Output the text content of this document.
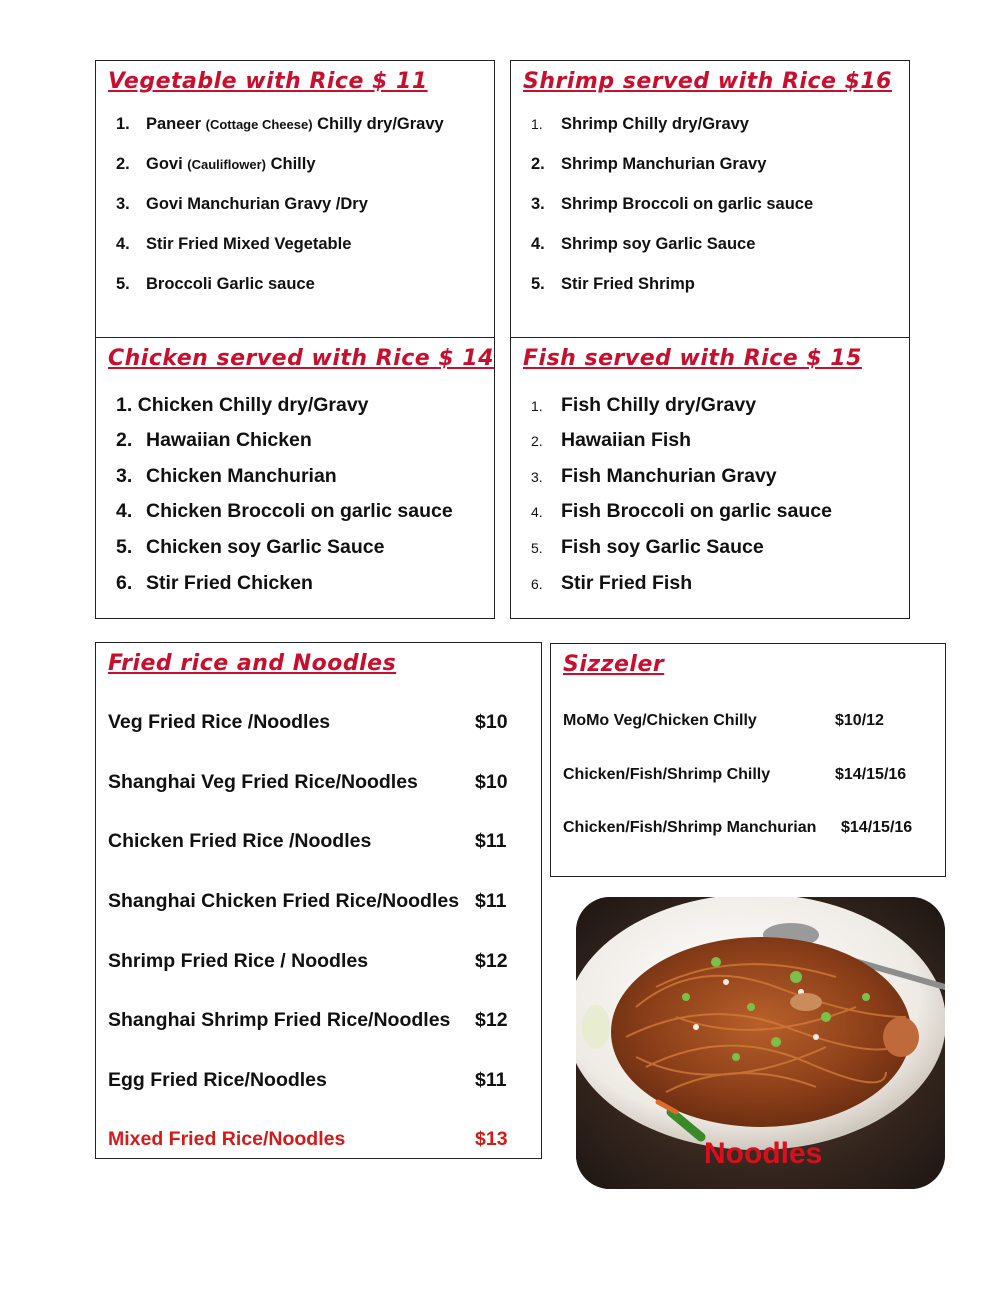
Vegetable with Rice $ 11
1. Paneer (Cottage Cheese) Chilly dry/Gravy
2. Govi (Cauliflower) Chilly
3. Govi Manchurian Gravy /Dry
4. Stir Fried Mixed Vegetable
5. Broccoli Garlic sauce
Shrimp served with Rice $16
1. Shrimp Chilly dry/Gravy
2. Shrimp Manchurian Gravy
3. Shrimp Broccoli on garlic sauce
4. Shrimp soy Garlic Sauce
5. Stir Fried Shrimp
Chicken served with Rice $ 14
1. Chicken Chilly dry/Gravy
2. Hawaiian Chicken
3. Chicken Manchurian
4. Chicken Broccoli on garlic sauce
5. Chicken soy Garlic Sauce
6. Stir Fried Chicken
Fish served with Rice $ 15
1. Fish Chilly dry/Gravy
2. Hawaiian Fish
3. Fish Manchurian Gravy
4. Fish Broccoli on garlic sauce
5. Fish soy Garlic Sauce
6. Stir Fried Fish
Fried rice and Noodles
Veg Fried Rice /Noodles	$10
Shanghai Veg Fried Rice/Noodles	$10
Chicken Fried Rice /Noodles	$11
Shanghai Chicken Fried Rice/Noodles $11
Shrimp Fried Rice / Noodles	$12
Shanghai Shrimp Fried Rice/Noodles $12
Egg Fried Rice/Noodles	$11
Mixed Fried Rice/Noodles	$13
Sizzeler
MoMo Veg/Chicken Chilly	$10/12
Chicken/Fish/Shrimp Chilly	$14/15/16
Chicken/Fish/Shrimp Manchurian $14/15/16
Noodles
